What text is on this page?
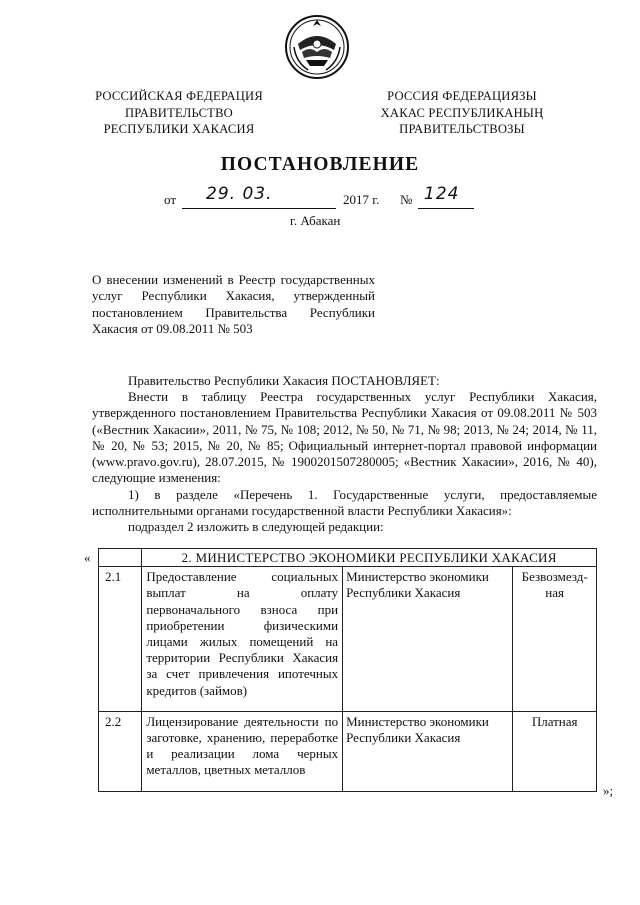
РОССИЙСКАЯ ФЕДЕРАЦИЯ
ПРАВИТЕЛЬСТВО
РЕСПУБЛИКИ ХАКАСИЯ
РОССИЯ ФЕДЕРАЦИЯЗЫ
ХАКАС РЕСПУБЛИКАНЫҢ
ПРАВИТЕЛЬСТВОЗЫ
ПОСТАНОВЛЕНИЕ
от 29. 03.	2017 г. № 124
г. Абакан
О внесении изменений в Реестр государственных услуг Республики Хакасия, утвержденный постановлением Правительства Республики Хакасия от 09.08.2011 № 503
Правительство Республики Хакасия ПОСТАНОВЛЯЕТ:
Внести в таблицу Реестра государственных услуг Республики Хакасия, утвержденного постановлением Правительства Республики Хакасия от 09.08.2011 № 503 («Вестник Хакасии», 2011, № 75, № 108; 2012, № 50, № 71, № 98; 2013, № 24; 2014, № 11, № 20, № 53; 2015, № 20, № 85; Официальный интернет-портал правовой информации (www.pravo.gov.ru), 28.07.2015, № 1900201507280005; «Вестник Хакасии», 2016, № 40), следующие изменения:
1) в разделе «Перечень 1. Государственные услуги, предоставляемые исполнительными органами государственной власти Республики Хакасия»:
подраздел 2 изложить в следующей редакции:
«
		2. МИНИСТЕРСТВО ЭКОНОМИКИ РЕСПУБЛИКИ ХАКАСИЯ		
2.1	Предоставление социальных выплат на оплату первоначального взноса при приобретении физическими лицами жилых помещений на территории Республики Хакасия за счет привлечения ипотечных кредитов (займов)	Министерство экономики Республики Хакасия	Безвозмезд-ная
2.2	Лицензирование деятельности по заготовке, хранению, переработке и реализации лома черных металлов, цветных металлов	Министерство экономики Республики Хакасия	Платная
»;
